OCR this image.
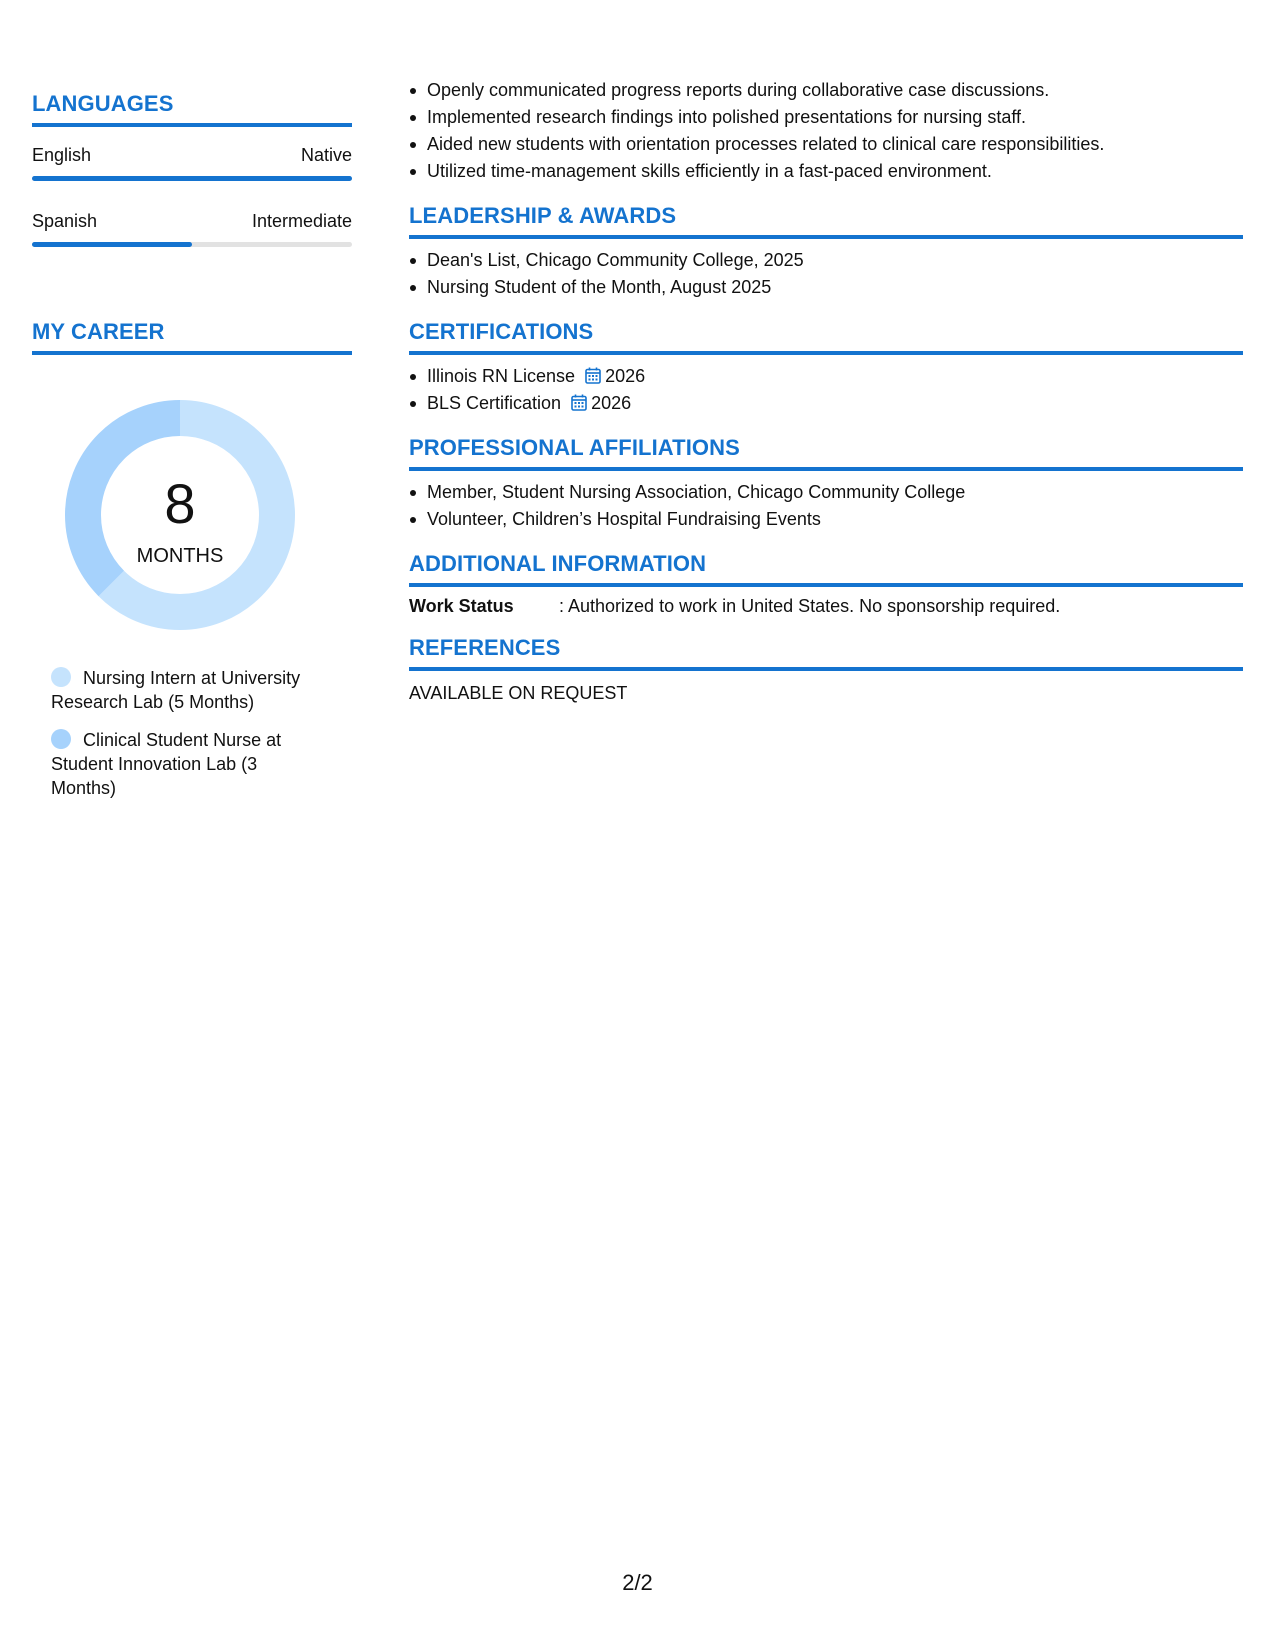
LANGUAGES
English	Native
Spanish	Intermediate
MY CAREER
8
MONTHS
Nursing Intern at University Research Lab (5 Months)
Clinical Student Nurse at Student Innovation Lab (3 Months)
Openly communicated progress reports during collaborative case discussions.
Implemented research findings into polished presentations for nursing staff.
Aided new students with orientation processes related to clinical care responsibilities.
Utilized time-management skills efficiently in a fast-paced environment.
LEADERSHIP & AWARDS
Dean's List, Chicago Community College, 2025
Nursing Student of the Month, August 2025
CERTIFICATIONS
Illinois RN License 2026
BLS Certification 2026
PROFESSIONAL AFFILIATIONS
Member, Student Nursing Association, Chicago Community College
Volunteer, Children’s Hospital Fundraising Events
ADDITIONAL INFORMATION
Work Status	: Authorized to work in United States. No sponsorship required.
REFERENCES
AVAILABLE ON REQUEST
2/2
